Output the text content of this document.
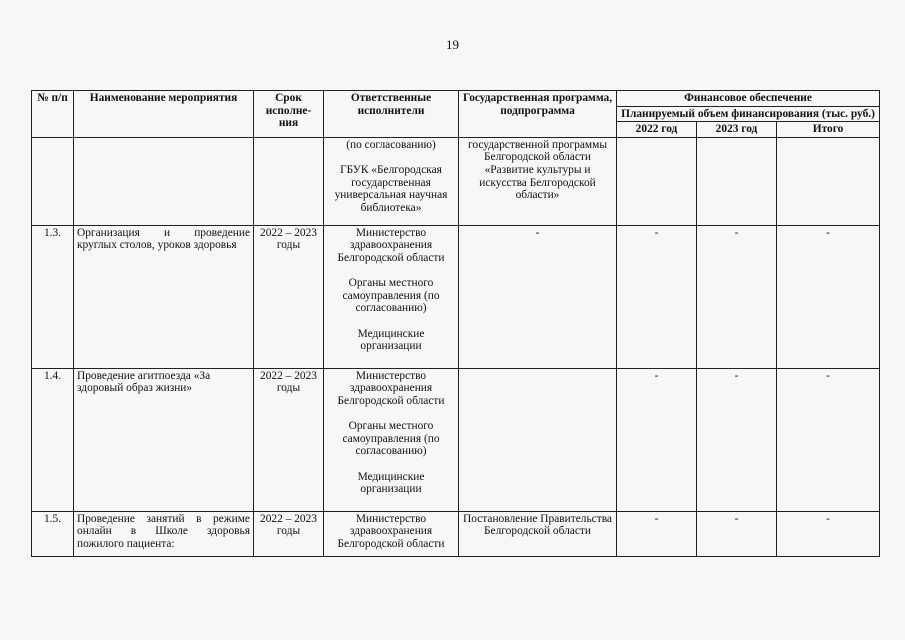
19
№ п/п	Наименование мероприятия	Срок исполне-ния	Ответственные исполнители	Государственная программа, подпрограмма	Финансовое обеспечение		
					Планируемый объем финансирования (тыс. руб.)		
					2022 год	2023 год	Итого
			(по согласованию)
ГБУК «Белгородская государственная универсальная научная библиотека»	государственной программы Белгородской области «Развитие культуры и искусства Белгородской области»			
1.3.	Организация и проведение круглых столов, уроков здоровья	2022 – 2023 годы	Министерство здравоохранения Белгородской области
Органы местного самоуправления (по согласованию)
Медицинские организации	-	-	-	-
1.4.	Проведение агитпоезда «За здоровый образ жизни»	2022 – 2023 годы	Министерство здравоохранения Белгородской области
Органы местного самоуправления (по согласованию)
Медицинские организации		-	-	-
1.5.	Проведение занятий в режиме онлайн в Школе здоровья пожилого пациента:	2022 – 2023 годы	Министерство здравоохранения Белгородской области	Постановление Правительства Белгородской области	-	-	-
